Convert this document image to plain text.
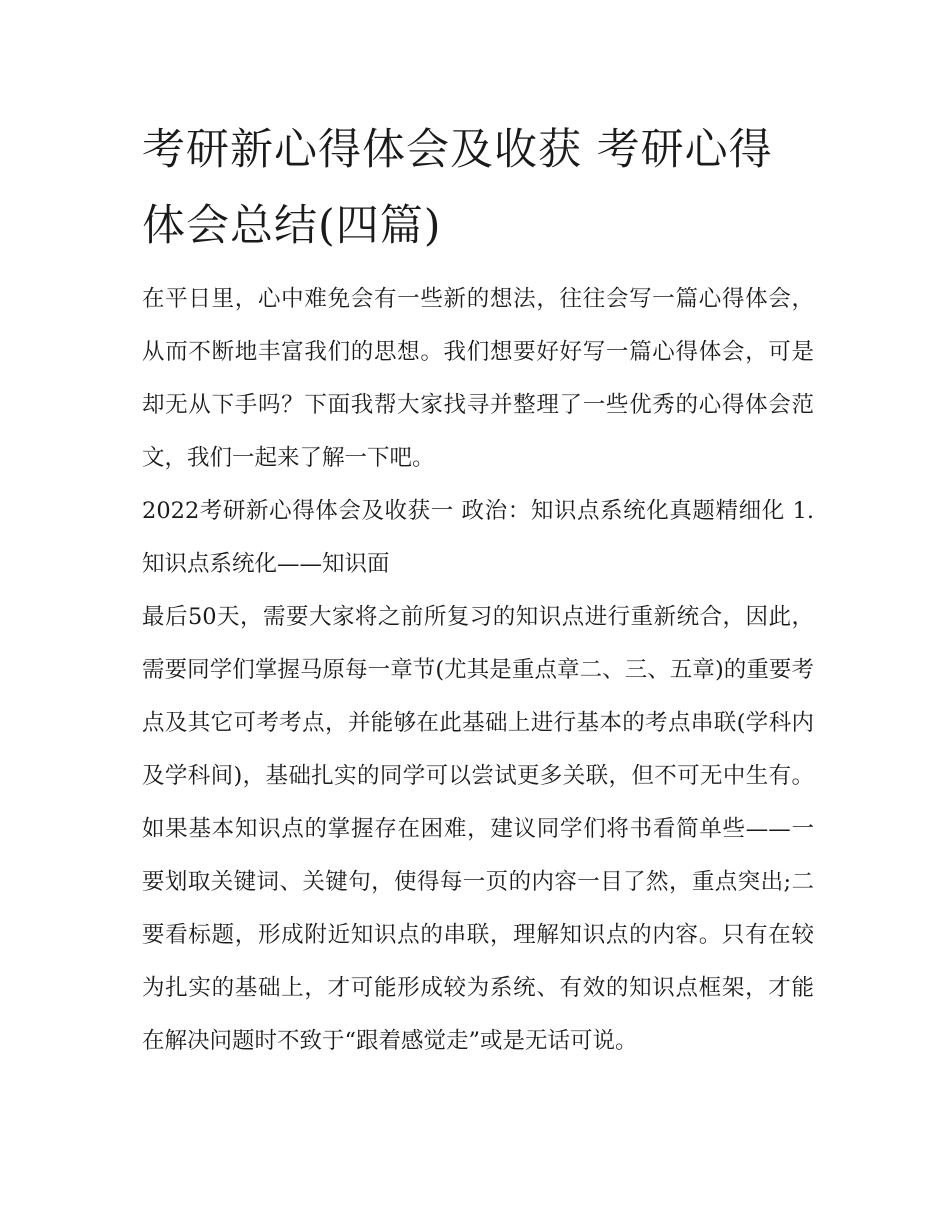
考研新心得体会及收获 考研心得体会总结(四篇)

在平日里，心中难免会有一些新的想法，往往会写一篇心得体会，从而不断地丰富我们的思想。我们想要好好写一篇心得体会，可是却无从下手吗？下面我帮大家找寻并整理了一些优秀的心得体会范文，我们一起来了解一下吧。

2022考研新心得体会及收获一 政治：知识点系统化真题精细化 1.知识点系统化——知识面

最后50天，需要大家将之前所复习的知识点进行重新统合，因此，需要同学们掌握马原每一章节(尤其是重点章二、三、五章)的重要考点及其它可考考点，并能够在此基础上进行基本的考点串联(学科内及学科间)，基础扎实的同学可以尝试更多关联，但不可无中生有。如果基本知识点的掌握存在困难，建议同学们将书看简单些——一要划取关键词、关键句，使得每一页的内容一目了然，重点突出;二要看标题，形成附近知识点的串联，理解知识点的内容。只有在较为扎实的基础上，才可能形成较为系统、有效的知识点框架，才能在解决问题时不致于“跟着感觉走”或是无话可说。
